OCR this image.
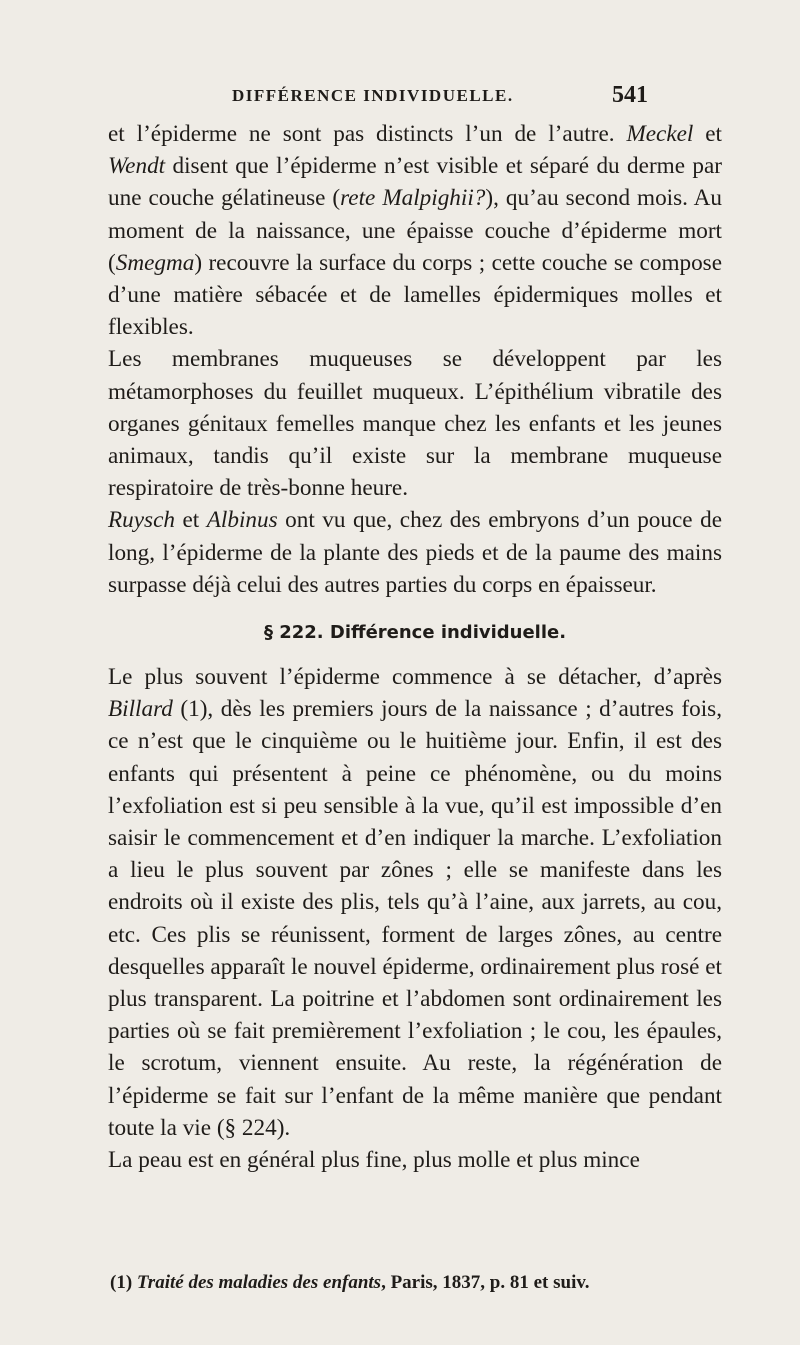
DIFFÉRENCE INDIVIDUELLE.	541

et l’épiderme ne sont pas distincts l’un de l’autre. Meckel et Wendt disent que l’épiderme n’est visible et séparé du derme par une couche gélatineuse (rete Malpighii?), qu’au second mois. Au moment de la naissance, une épaisse couche d’épiderme mort (Smegma) recouvre la surface du corps ; cette couche se compose d’une matière sébacée et de lamelles épidermiques molles et flexibles.

Les membranes muqueuses se développent par les métamorphoses du feuillet muqueux. L’épithélium vibratile des organes génitaux femelles manque chez les enfants et les jeunes animaux, tandis qu’il existe sur la membrane muqueuse respiratoire de très-bonne heure.

Ruysch et Albinus ont vu que, chez des embryons d’un pouce de long, l’épiderme de la plante des pieds et de la paume des mains surpasse déjà celui des autres parties du corps en épaisseur.

§ 222. Différence individuelle.

Le plus souvent l’épiderme commence à se détacher, d’après Billard (1), dès les premiers jours de la naissance ; d’autres fois, ce n’est que le cinquième ou le huitième jour. Enfin, il est des enfants qui présentent à peine ce phénomène, ou du moins l’exfoliation est si peu sensible à la vue, qu’il est impossible d’en saisir le commencement et d’en indiquer la marche. L’exfoliation a lieu le plus souvent par zônes ; elle se manifeste dans les endroits où il existe des plis, tels qu’à l’aine, aux jarrets, au cou, etc. Ces plis se réunissent, forment de larges zônes, au centre desquelles apparaît le nouvel épiderme, ordinairement plus rosé et plus transparent. La poitrine et l’abdomen sont ordinairement les parties où se fait premièrement l’exfoliation ; le cou, les épaules, le scrotum, viennent ensuite. Au reste, la régénération de l’épiderme se fait sur l’enfant de la même manière que pendant toute la vie (§ 224).

La peau est en général plus fine, plus molle et plus mince

(1) Traité des maladies des enfants, Paris, 1837, p. 81 et suiv.
